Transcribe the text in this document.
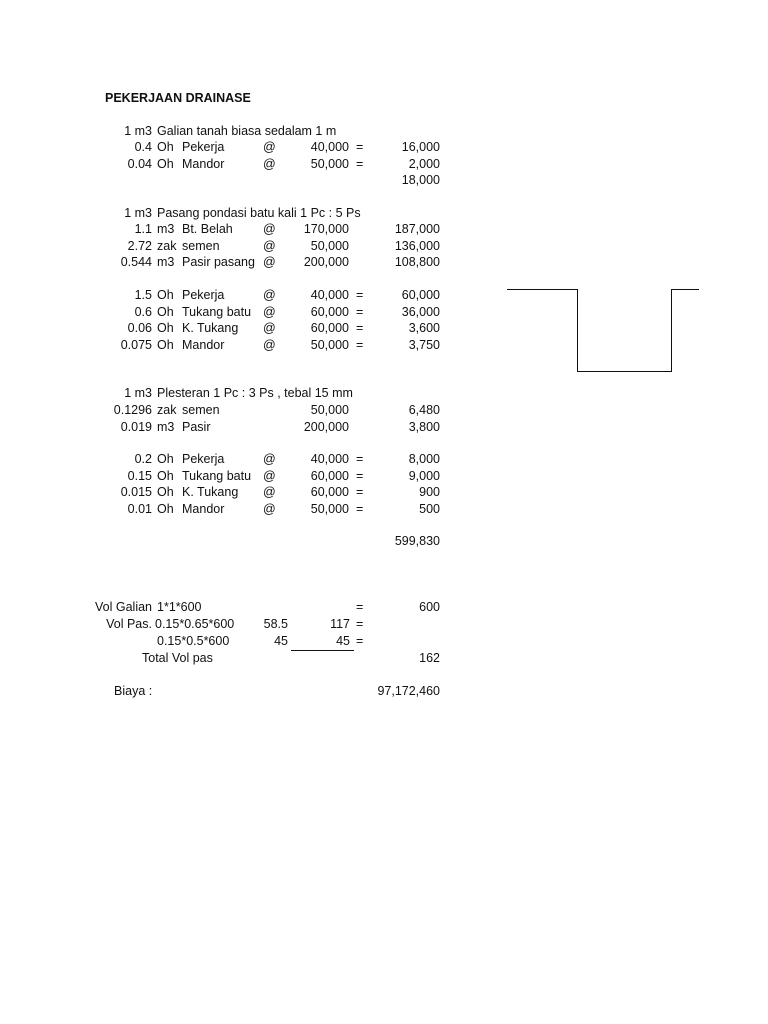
PEKERJAAN DRAINASE
1 m3 Galian tanah biasa sedalam 1 m
0.4 Oh Pekerja	@	40,000 =	16,000
0.04 Oh Mandor	@	50,000 =	2,000
18,000
1 m3 Pasang pondasi batu kali 1 Pc : 5 Ps
1.1 m3 Bt. Belah @	170,000	187,000
2.72 zak semen	@	50,000	136,000
0.544 m3 Pasir pasang @	200,000	108,800
1.5 Oh Pekerja	@	40,000 =	60,000
0.6 Oh Tukang batu @	60,000 =	36,000
0.06 Oh K. Tukang @	60,000 =	3,600
0.075 Oh Mandor	@	50,000 =	3,750
1 m3 Plesteran 1 Pc : 3 Ps , tebal 15 mm
0.1296 zak semen	50,000	6,480
0.019 m3 Pasir	200,000	3,800
0.2 Oh Pekerja	@	40,000 =	8,000
0.15 Oh Tukang batu @	60,000 =	9,000
0.015 Oh K. Tukang @	60,000 =	900
0.01 Oh Mandor	@	50,000 =	500
599,830
Vol Galian 1*1*600	=	600
Vol Pas. 0.15*0.65*600	58.5	117 =
0.15*0.5*600	45	45 =
Total Vol pas	162
Biaya :	97,172,460
